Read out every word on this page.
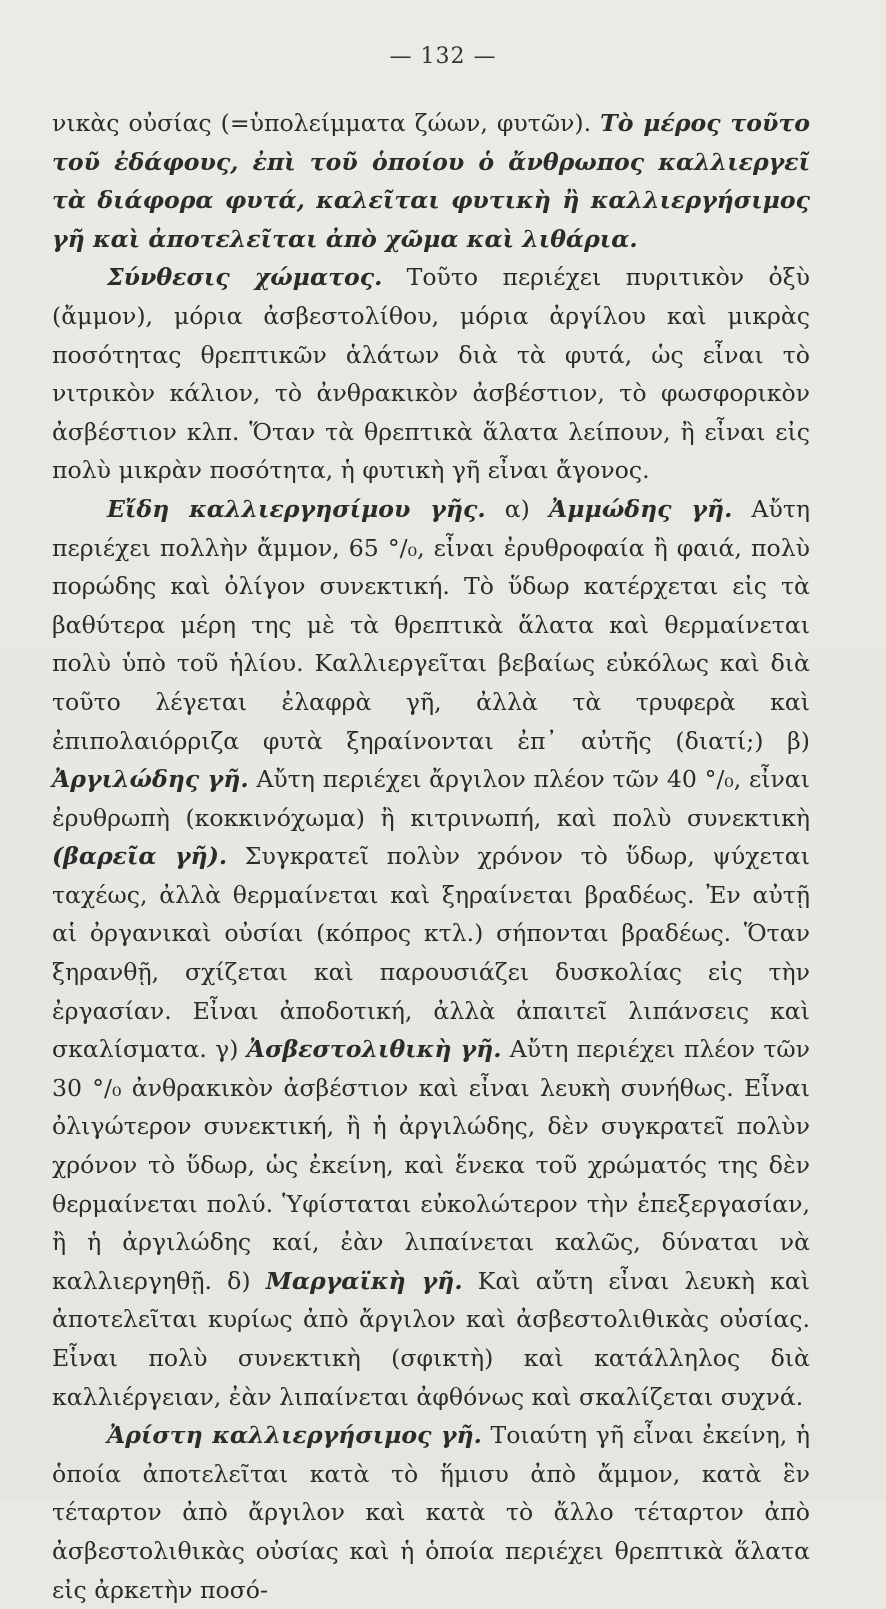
— 132 —

νικὰς οὐσίας (=ὑπολείμματα ζώων, φυτῶν). Τὸ μέρος τοῦτο τοῦ ἐδάφους, ἐπὶ τοῦ ὁποίου ὁ ἄνθρωπος καλλιεργεῖ τὰ διάφορα φυτά, καλεῖται φυτικὴ ἢ καλλιεργήσιμος γῆ καὶ ἀποτελεῖται ἀπὸ χῶμα καὶ λιθάρια.

Σύνθεσις χώματος. Τοῦτο περιέχει πυριτικὸν ὀξὺ (ἄμμον), μόρια ἀσβεστολίθου, μόρια ἀργίλου καὶ μικρὰς ποσότητας θρεπτικῶν ἁλάτων διὰ τὰ φυτά, ὡς εἶναι τὸ νιτρικὸν κάλιον, τὸ ἀνθρακικὸν ἀσβέστιον, τὸ φωσφορικὸν ἀσβέστιον κλπ. Ὅταν τὰ θρεπτικὰ ἅλατα λείπουν, ἢ εἶναι εἰς πολὺ μικρὰν ποσότητα, ἡ φυτικὴ γῆ εἶναι ἄγονος.

Εἴδη καλλιεργησίμου γῆς. α) Ἀμμώδης γῆ. Αὔτη περιέχει πολλὴν ἄμμον, 65 °/₀, εἶναι ἐρυθροφαία ἢ φαιά, πολὺ πορώδης καὶ ὀλίγον συνεκτική. Τὸ ὕδωρ κατέρχεται εἰς τὰ βαθύτερα μέρη της μὲ τὰ θρεπτικὰ ἅλατα καὶ θερμαίνεται πολὺ ὑπὸ τοῦ ἡλίου. Καλλιεργεῖται βεβαίως εὐκόλως καὶ διὰ τοῦτο λέγεται ἐλαφρὰ γῆ, ἀλλὰ τὰ τρυφερὰ καὶ ἐπιπολαιόρριζα φυτὰ ξηραίνονται ἐπ᾽ αὐτῆς (διατί;) β) Ἀργιλώδης γῆ. Αὔτη περιέχει ἄργιλον πλέον τῶν 40 °/₀, εἶναι ἐρυθρωπὴ (κοκκινόχωμα) ἢ κιτρινωπή, καὶ πολὺ συνεκτικὴ (βαρεῖα γῆ). Συγκρατεῖ πολὺν χρόνον τὸ ὕδωρ, ψύχεται ταχέως, ἀλλὰ θερμαίνεται καὶ ξηραίνεται βραδέως. Ἐν αὐτῇ αἱ ὀργανικαὶ οὐσίαι (κόπρος κτλ.) σήπονται βραδέως. Ὅταν ξηρανθῇ, σχίζεται καὶ παρουσιάζει δυσκολίας εἰς τὴν ἐργασίαν. Εἶναι ἀποδοτική, ἀλλὰ ἀπαιτεῖ λιπάνσεις καὶ σκαλίσματα. γ) Ἀσβεστολιθικὴ γῆ. Αὔτη περιέχει πλέον τῶν 30 °/₀ ἀνθρακικὸν ἀσβέστιον καὶ εἶναι λευκὴ συνήθως. Εἶναι ὀλιγώτερον συνεκτική, ἢ ἡ ἀργιλώδης, δὲν συγκρατεῖ πολὺν χρόνον τὸ ὕδωρ, ὡς ἐκείνη, καὶ ἕνεκα τοῦ χρώματός της δὲν θερμαίνεται πολύ. Ὑφίσταται εὐκολώτερον τὴν ἐπεξεργασίαν, ἢ ἡ ἀργιλώδης καί, ἐὰν λιπαίνεται καλῶς, δύναται νὰ καλλιεργηθῇ. δ) Μαργαϊκὴ γῆ. Καὶ αὔτη εἶναι λευκὴ καὶ ἀποτελεῖται κυρίως ἀπὸ ἄργιλον καὶ ἀσβεστολιθικὰς οὐσίας. Εἶναι πολὺ συνεκτικὴ (σφικτὴ) καὶ κατάλληλος διὰ καλλιέργειαν, ἐὰν λιπαίνεται ἀφθόνως καὶ σκαλίζεται συχνά.

Ἀρίστη καλλιεργήσιμος γῆ. Τοιαύτη γῆ εἶναι ἐκείνη, ἡ ὁποία ἀποτελεῖται κατὰ τὸ ἥμισυ ἀπὸ ἄμμον, κατὰ ἓν τέταρτον ἀπὸ ἄργιλον καὶ κατὰ τὸ ἄλλο τέταρτον ἀπὸ ἀσβεστολιθικὰς οὐσίας καὶ ἡ ὁποία περιέχει θρεπτικὰ ἅλατα εἰς ἀρκετὴν ποσό-
